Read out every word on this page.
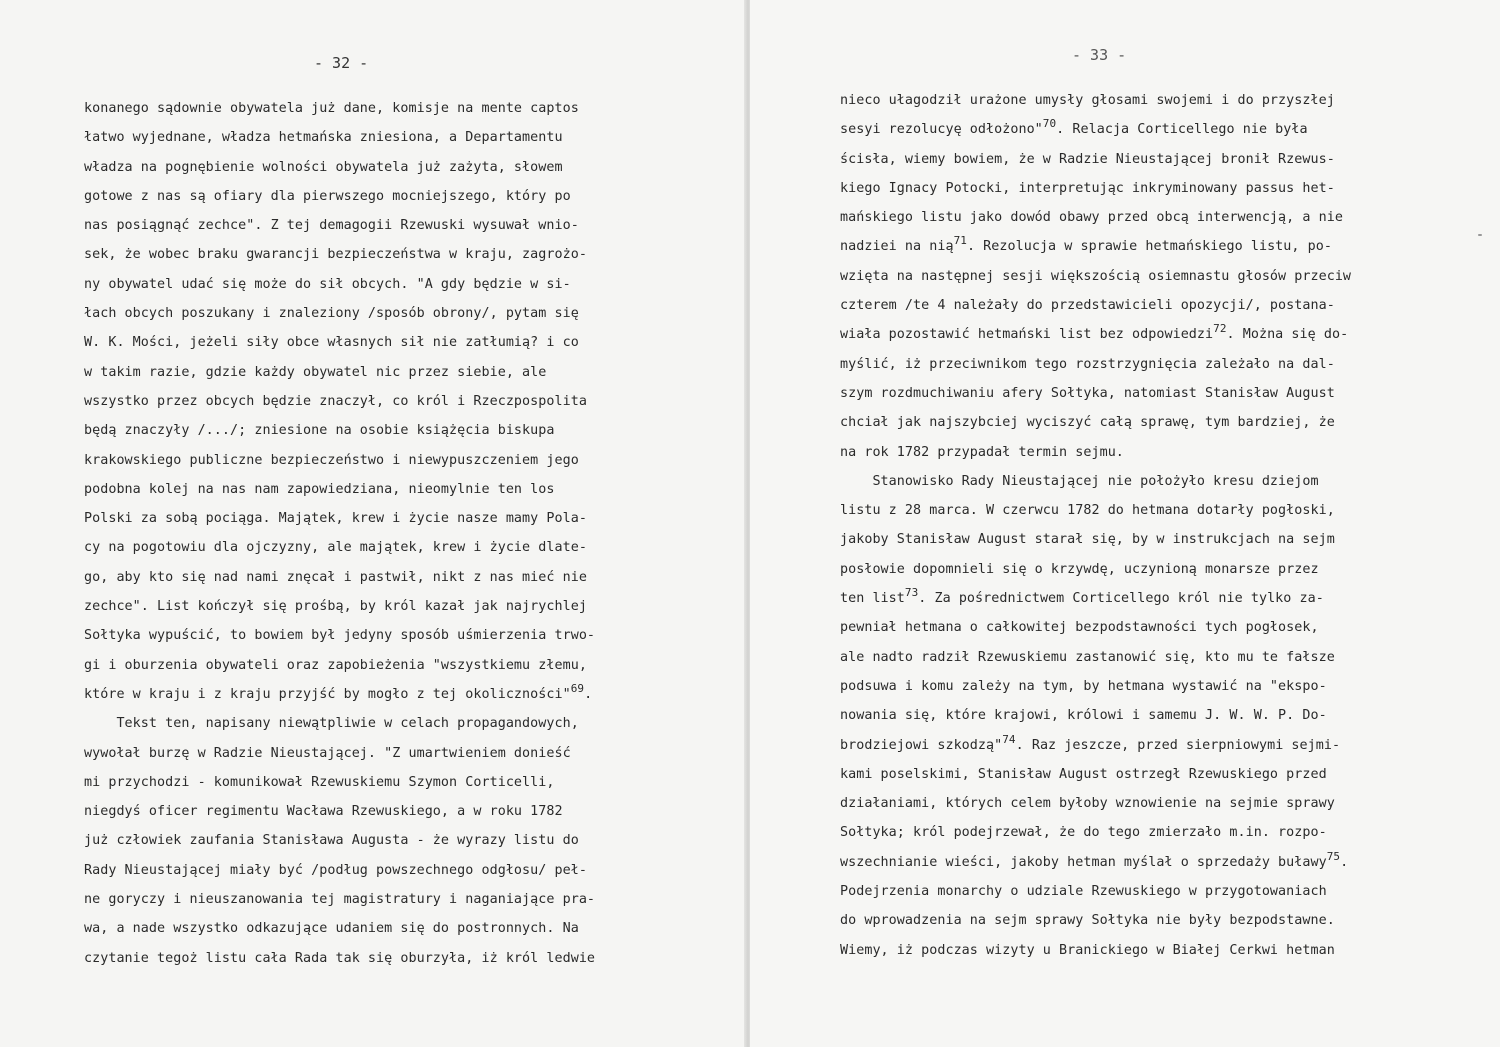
- 32 -
konanego sądownie obywatela już dane, komisje na mente captos
łatwo wyjednane, władza hetmańska zniesiona, a Departamentu
władza na pognębienie wolności obywatela już zażyta, słowem
gotowe z nas są ofiary dla pierwszego mocniejszego, który po
nas posiągnąć zechce". Z tej demagogii Rzewuski wysuwał wnio-
sek, że wobec braku gwarancji bezpieczeństwa w kraju, zagrożo-
ny obywatel udać się może do sił obcych. "A gdy będzie w si-
łach obcych poszukany i znaleziony /sposób obrony/, pytam się
W. K. Mości, jeżeli siły obce własnych sił nie zatłumią? i co
w takim razie, gdzie każdy obywatel nic przez siebie, ale
wszystko przez obcych będzie znaczył, co król i Rzeczpospolita
będą znaczyły /.../; zniesione na osobie książęcia biskupa
krakowskiego publiczne bezpieczeństwo i niewypuszczeniem jego
podobna kolej na nas nam zapowiedziana, nieomylnie ten los
Polski za sobą pociąga. Majątek, krew i życie nasze mamy Pola-
cy na pogotowiu dla ojczyzny, ale majątek, krew i życie dlate-
go, aby kto się nad nami znęcał i pastwił, nikt z nas mieć nie
zechce". List kończył się prośbą, by król kazał jak najrychlej
Sołtyka wypuścić, to bowiem był jedyny sposób uśmierzenia trwo-
gi i oburzenia obywateli oraz zapobieżenia "wszystkiemu złemu,
które w kraju i z kraju przyjść by mogło z tej okoliczności"$^{69}$.
Tekst ten, napisany niewątpliwie w celach propagandowych,
wywołał burzę w Radzie Nieustającej. "Z umartwieniem donieść
mi przychodzi - komunikował Rzewuskiemu Szymon Corticelli,
niegdyś oficer regimentu Wacława Rzewuskiego, a w roku 1782
już człowiek zaufania Stanisława Augusta - że wyrazy listu do
Rady Nieustającej miały być /podług powszechnego odgłosu/ peł-
ne goryczy i nieuszanowania tej magistratury i naganiające pra-
wa, a nade wszystko odkazujące udaniem się do postronnych. Na
czytanie tegoż listu cała Rada tak się oburzyła, iż król ledwie
- 33 -
nieco ułagodził urażone umysły głosami swojemi i do przyszłej
sesyi rezolucyę odłożono"$^{70}$. Relacja Corticellego nie była
ścisła, wiemy bowiem, że w Radzie Nieustającej bronił Rzewus-
kiego Ignacy Potocki, interpretując inkryminowany passus het-
mańskiego listu jako dowód obawy przed obcą interwencją, a nie
nadziei na nią$^{71}$. Rezolucja w sprawie hetmańskiego listu, po-
wzięta na następnej sesji większością osiemnastu głosów przeciw
czterem /te 4 należały do przedstawicieli opozycji/, postana-
wiała pozostawić hetmański list bez odpowiedzi$^{72}$. Można się do-
myślić, iż przeciwnikom tego rozstrzygnięcia zależało na dal-
szym rozdmuchiwaniu afery Sołtyka, natomiast Stanisław August
chciał jak najszybciej wyciszyć całą sprawę, tym bardziej, że
na rok 1782 przypadał termin sejmu.
Stanowisko Rady Nieustającej nie położyło kresu dziejom
listu z 28 marca. W czerwcu 1782 do hetmana dotarły pogłoski,
jakoby Stanisław August starał się, by w instrukcjach na sejm
posłowie dopomnieli się o krzywdę, uczynioną monarsze przez
ten list$^{73}$. Za pośrednictwem Corticellego król nie tylko za-
pewniał hetmana o całkowitej bezpodstawności tych pogłosek,
ale nadto radził Rzewuskiemu zastanowić się, kto mu te fałsze
podsuwa i komu zależy na tym, by hetmana wystawić na "ekspo-
nowania się, które krajowi, królowi i samemu J. W. W. P. Do-
brodziejowi szkodzą"$^{74}$. Raz jeszcze, przed sierpniowymi sejmi-
kami poselskimi, Stanisław August ostrzegł Rzewuskiego przed
działaniami, których celem byłoby wznowienie na sejmie sprawy
Sołtyka; król podejrzewał, że do tego zmierzało m.in. rozpo-
wszechnianie wieści, jakoby hetman myślał o sprzedaży buławy$^{75}$.
Podejrzenia monarchy o udziale Rzewuskiego w przygotowaniach
do wprowadzenia na sejm sprawy Sołtyka nie były bezpodstawne.
Wiemy, iż podczas wizyty u Branickiego w Białej Cerkwi hetman
